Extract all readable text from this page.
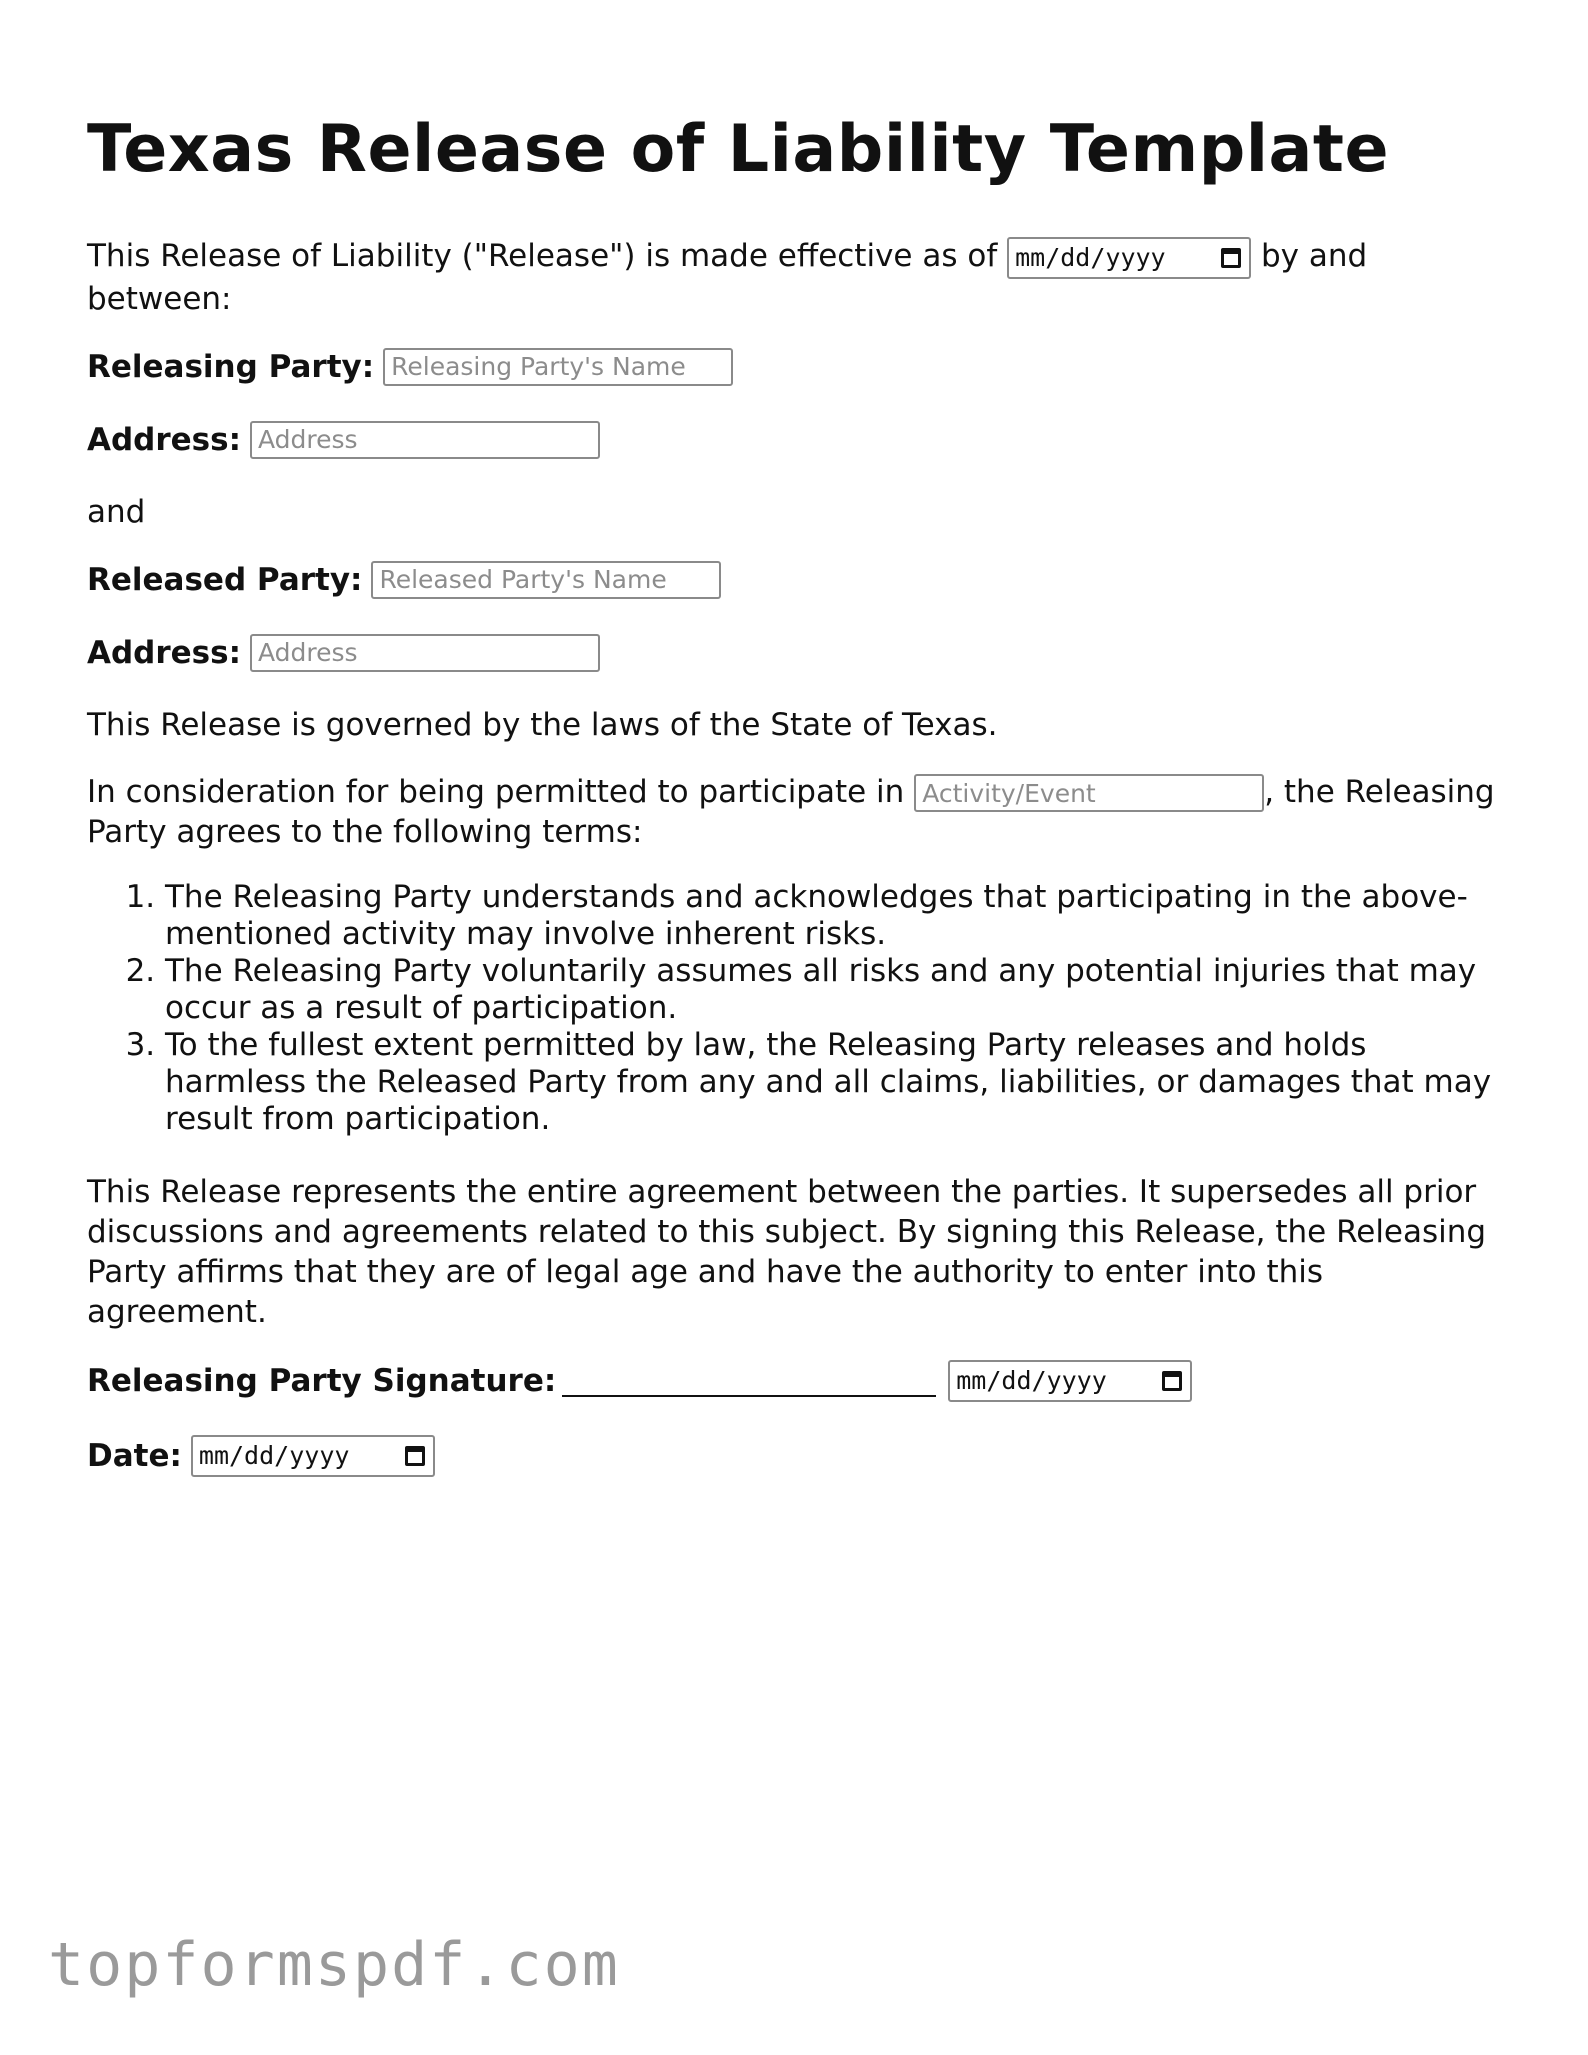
Texas Release of Liability Template

This Release of Liability ("Release") is made effective as of mm/dd/yyyy	by and between:

Releasing Party:
Releasing Party's Name
Address:
Address

and

Released Party:
Released Party's Name
Address:
Address

This Release is governed by the laws of the State of Texas.

In consideration for being permitted to participate in Activity/Event	, the Releasing Party agrees to the following terms:

1. The Releasing Party understands and acknowledges that participating in the above-mentioned activity may involve inherent risks.
2. The Releasing Party voluntarily assumes all risks and any potential injuries that may occur as a result of participation.
3. To the fullest extent permitted by law, the Releasing Party releases and holds harmless the Released Party from any and all claims, liabilities, or damages that may result from participation.

This Release represents the entire agreement between the parties. It supersedes all prior discussions and agreements related to this subject. By signing this Release, the Releasing Party affirms that they are of legal age and have the authority to enter into this agreement.

Releasing Party Signature:	mm/dd/yyyy
Date: mm/dd/yyyy
topformspdf.com
